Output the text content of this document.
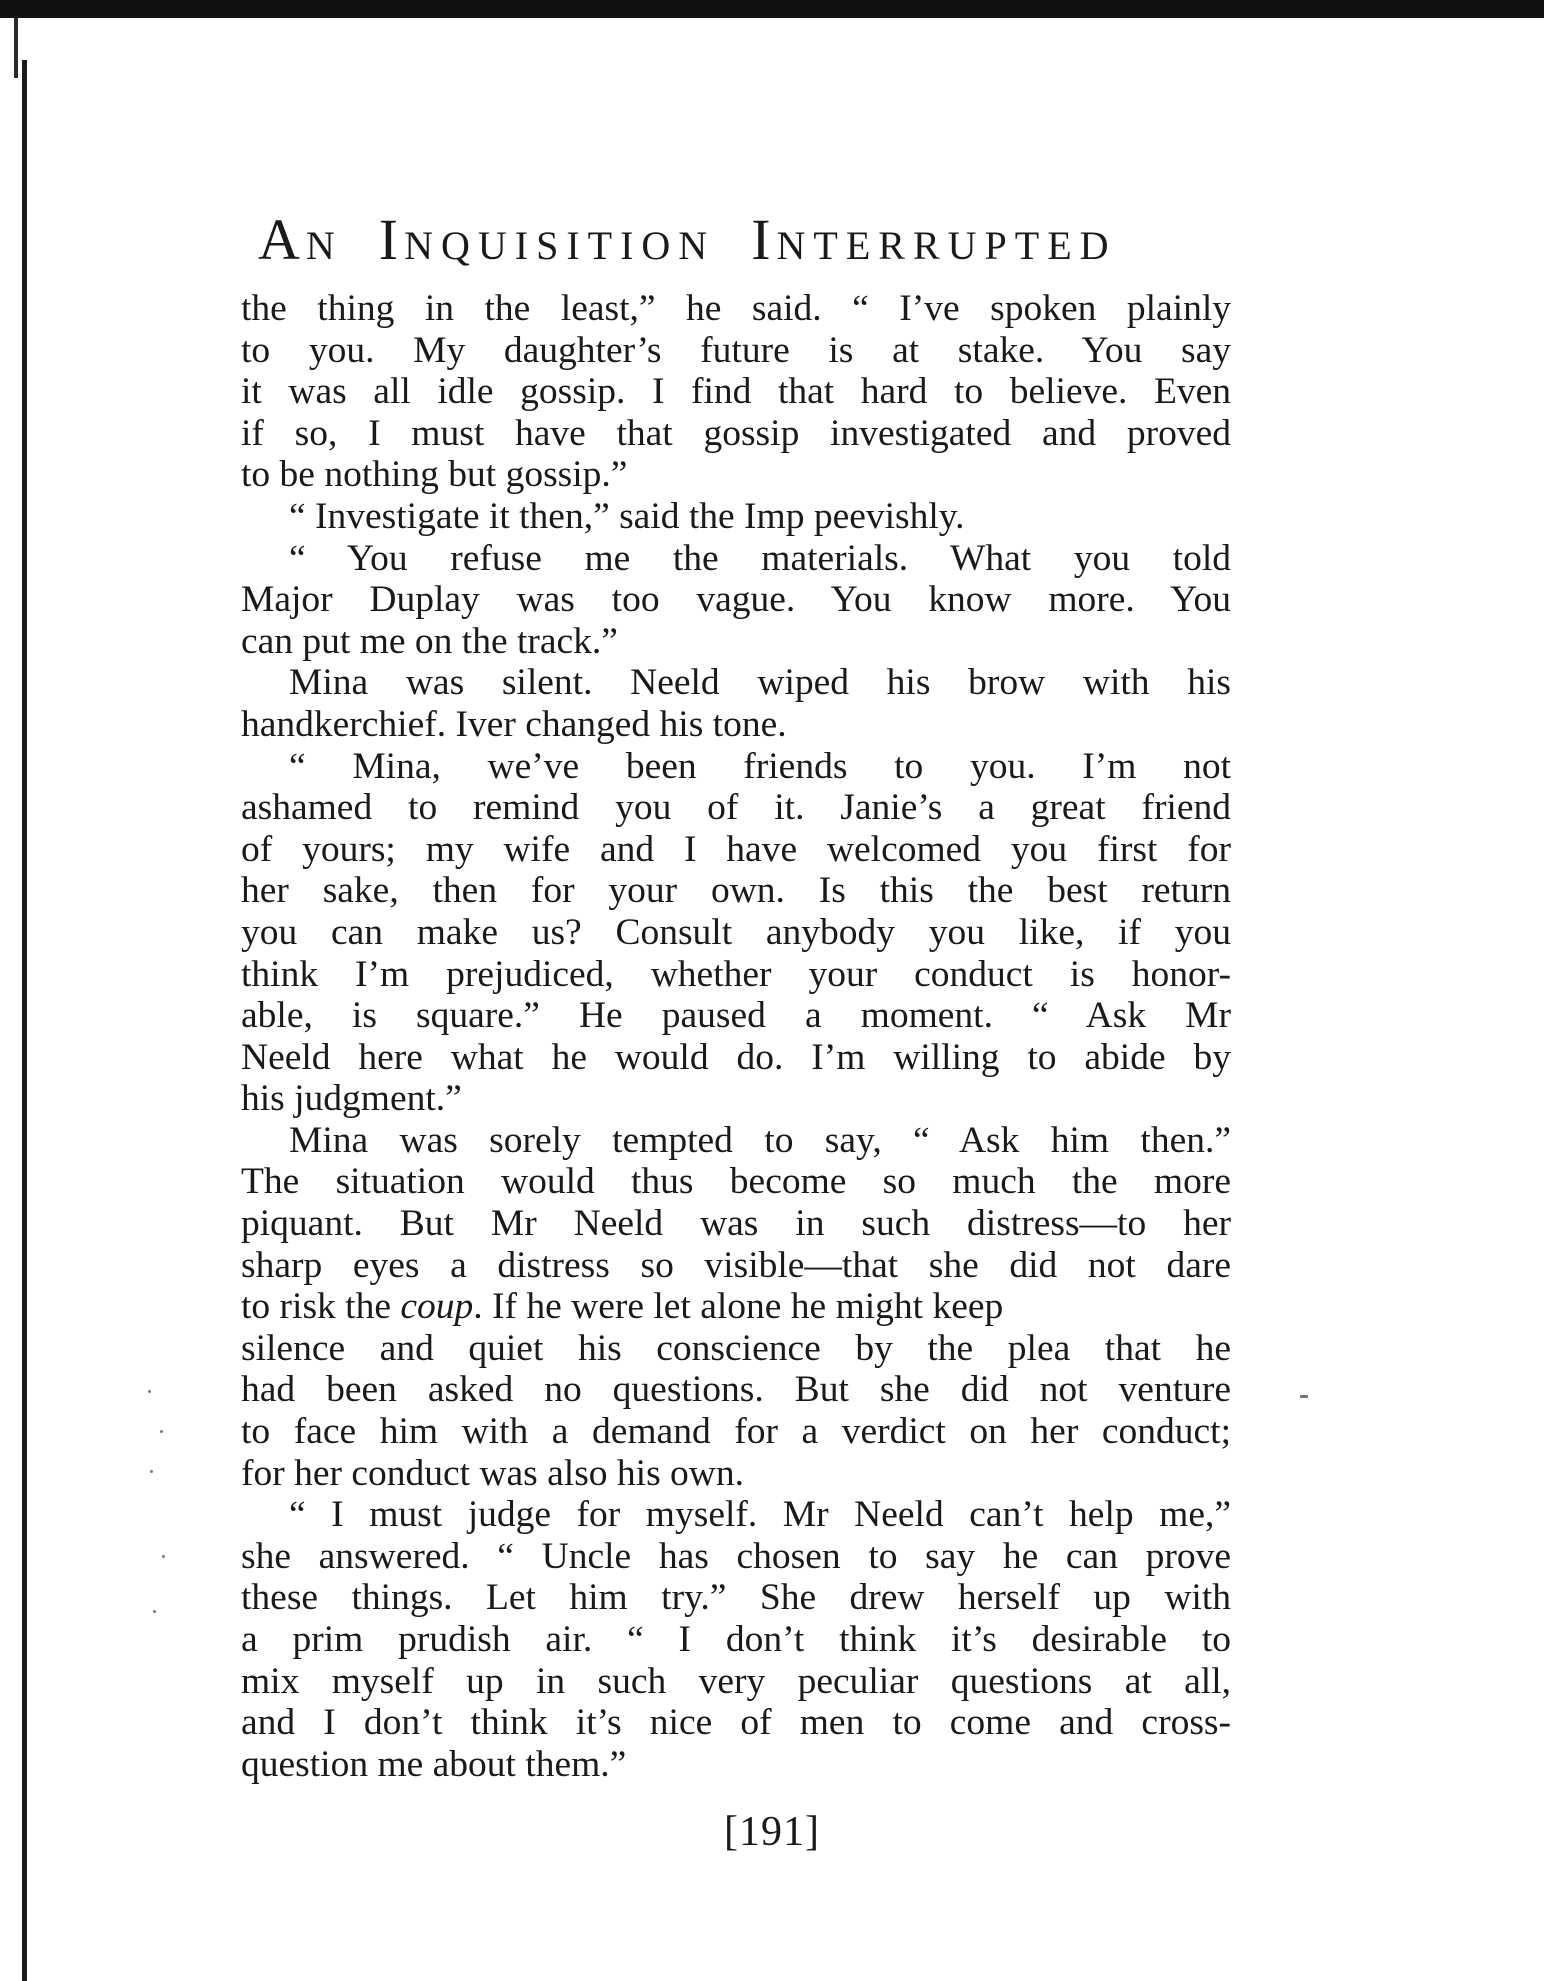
AN INQUISITION INTERRUPTED
the thing in the least,” he said. “ I’ve spoken plainly
to you. My daughter’s future is at stake. You say
it was all idle gossip. I find that hard to believe. Even
if so, I must have that gossip investigated and proved
to be nothing but gossip.”
“ Investigate it then,” said the Imp peevishly.
“ You refuse me the materials. What you told
Major Duplay was too vague. You know more. You
can put me on the track.”
Mina was silent. Neeld wiped his brow with his
handkerchief. Iver changed his tone.
“ Mina, we’ve been friends to you. I’m not
ashamed to remind you of it. Janie’s a great friend
of yours; my wife and I have welcomed you first for
her sake, then for your own. Is this the best return
you can make us? Consult anybody you like, if you
think I’m prejudiced, whether your conduct is honor-
able, is square.” He paused a moment. “ Ask Mr
Neeld here what he would do. I’m willing to abide by
his judgment.”
Mina was sorely tempted to say, “ Ask him then.”
The situation would thus become so much the more
piquant. But Mr Neeld was in such distress—to her
sharp eyes a distress so visible—that she did not dare
to risk the coup. If he were let alone he might keep
silence and quiet his conscience by the plea that he
had been asked no questions. But she did not venture
to face him with a demand for a verdict on her conduct;
for her conduct was also his own.
“ I must judge for myself. Mr Neeld can’t help me,”
she answered. “ Uncle has chosen to say he can prove
these things. Let him try.” She drew herself up with
a prim prudish air. “ I don’t think it’s desirable to
mix myself up in such very peculiar questions at all,
and I don’t think it’s nice of men to come and cross-
question me about them.”
[191]
